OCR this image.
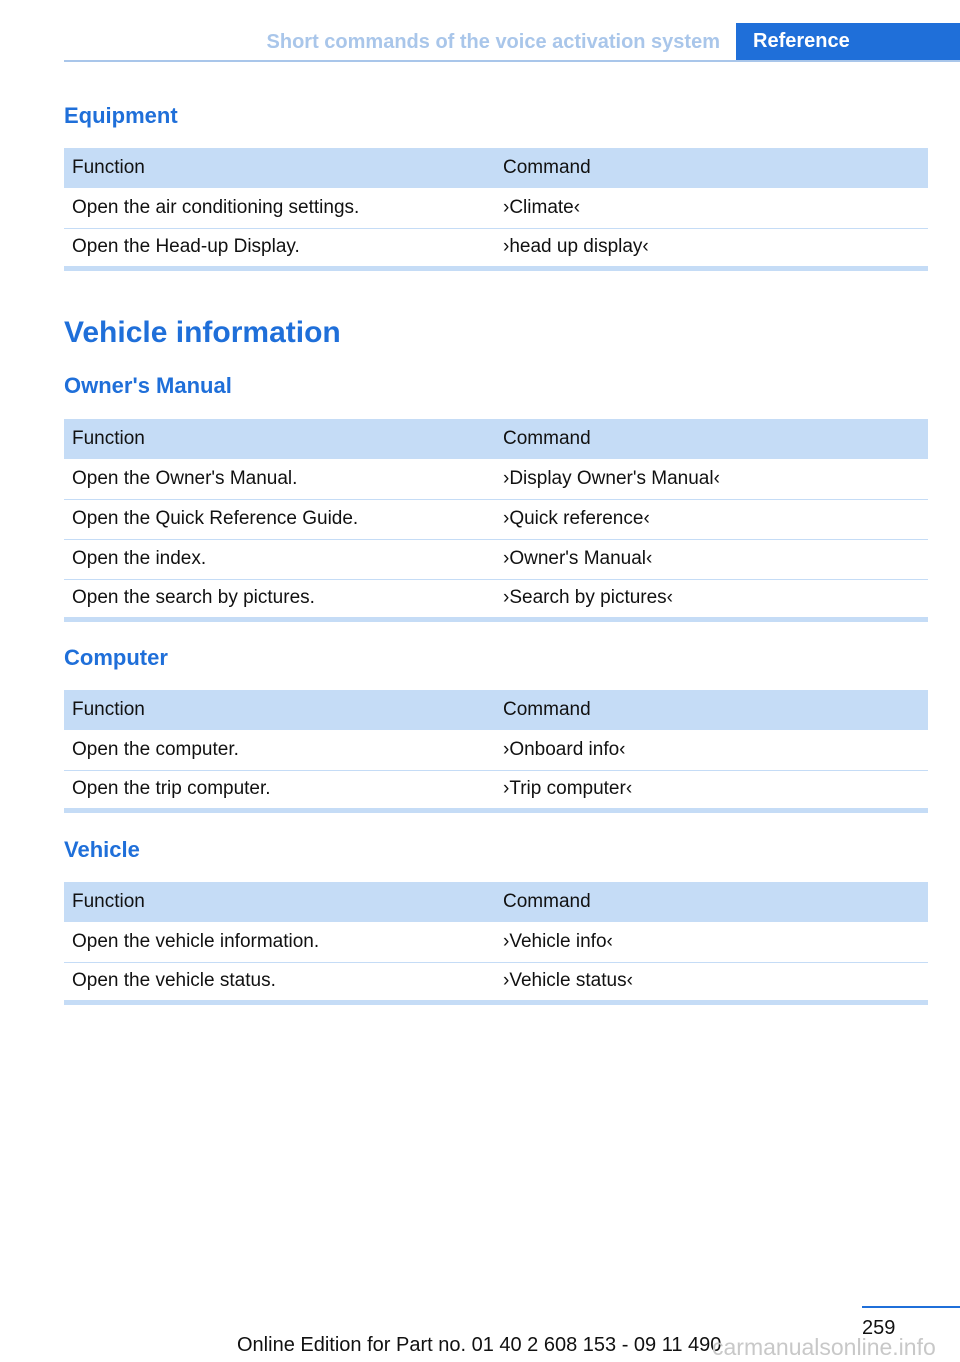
Short commands of the voice activation system	Reference
Equipment
Function	Command
Open the air conditioning settings.	›Climate‹
Open the Head-up Display.	›head up display‹
Vehicle information
Owner's Manual
Function	Command
Open the Owner's Manual.	›Display Owner's Manual‹
Open the Quick Reference Guide.	›Quick reference‹
Open the index.	›Owner's Manual‹
Open the search by pictures.	›Search by pictures‹
Computer
Function	Command
Open the computer.	›Onboard info‹
Open the trip computer.	›Trip computer‹
Vehicle
Function	Command
Open the vehicle information.	›Vehicle info‹
Open the vehicle status.	›Vehicle status‹
259
Online Edition for Part no. 01 40 2 608 153 - 09 11 490
carmanualsonline.info
